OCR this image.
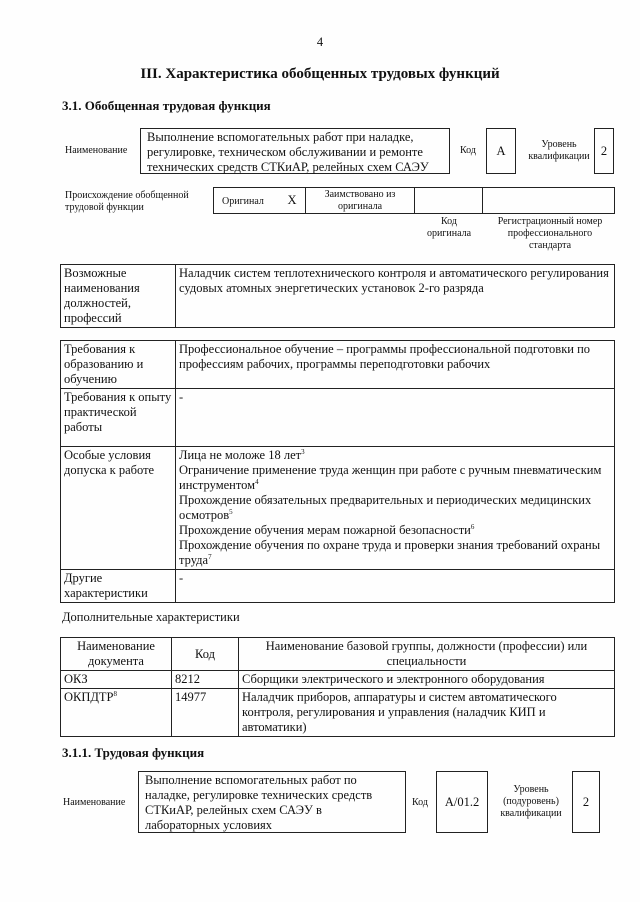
4
III. Характеристика обобщенных трудовых функций
3.1. Обобщенная трудовая функция
Наименование
Выполнение вспомогательных работ при наладке, регулировке, техническом обслуживании и ремонте технических средств СТКиАР, релейных схем САЭУ
Код	А	Уровень квалификации 2
Происхождение обобщенной трудовой функции
Оригинал X	Заимствовано из оригинала
Код оригинала
Регистрационный номер профессионального стандарта
Возможные наименования должностей, профессий	Наладчик систем теплотехнического контроля и автоматического регулирования судовых атомных энергетических установок 2-го разряда
Требования к образованию и обучению	Профессиональное обучение – программы профессиональной подготовки по профессиям рабочих, программы переподготовки рабочих
Требования к опыту практической работы	-
Особые условия допуска к работе	Лица не моложе 18 лет$^3$
Ограничение применение труда женщин при работе с ручным пневматическим инструментом$^4$
Прохождение обязательных предварительных и периодических медицинских осмотров$^5$
Прохождение обучения мерам пожарной безопасности$^6$
Прохождение обучения по охране труда и проверки знания требований охраны труда$^7$

Другие характеристики	-
Дополнительные характеристики
Наименование документа	Код	Наименование базовой группы, должности (профессии) или специальности
ОКЗ	8212	Сборщики электрического и электронного оборудования
ОКПДТР$^8$	14977	Наладчик приборов, аппаратуры и систем автоматического контроля, регулирования и управления (наладчик КИП и автоматики)
3.1.1. Трудовая функция
Наименование
Выполнение вспомогательных работ по наладке, регулировке технических средств СТКиАР, релейных схем САЭУ в лабораторных условиях
Код	А/01.2
Уровень (подуровень) квалификации
2
